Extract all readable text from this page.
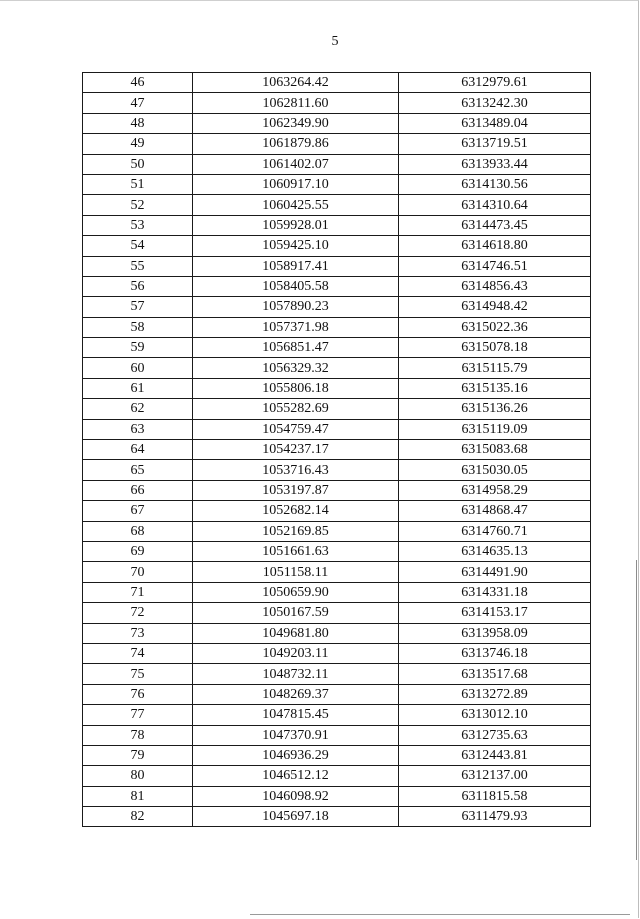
5
46	1063264.42	6312979.61
47	1062811.60	6313242.30
48	1062349.90	6313489.04
49	1061879.86	6313719.51
50	1061402.07	6313933.44
51	1060917.10	6314130.56
52	1060425.55	6314310.64
53	1059928.01	6314473.45
54	1059425.10	6314618.80
55	1058917.41	6314746.51
56	1058405.58	6314856.43
57	1057890.23	6314948.42
58	1057371.98	6315022.36
59	1056851.47	6315078.18
60	1056329.32	6315115.79
61	1055806.18	6315135.16
62	1055282.69	6315136.26
63	1054759.47	6315119.09
64	1054237.17	6315083.68
65	1053716.43	6315030.05
66	1053197.87	6314958.29
67	1052682.14	6314868.47
68	1052169.85	6314760.71
69	1051661.63	6314635.13
70	1051158.11	6314491.90
71	1050659.90	6314331.18
72	1050167.59	6314153.17
73	1049681.80	6313958.09
74	1049203.11	6313746.18
75	1048732.11	6313517.68
76	1048269.37	6313272.89
77	1047815.45	6313012.10
78	1047370.91	6312735.63
79	1046936.29	6312443.81
80	1046512.12	6312137.00
81	1046098.92	6311815.58
82	1045697.18	6311479.93
